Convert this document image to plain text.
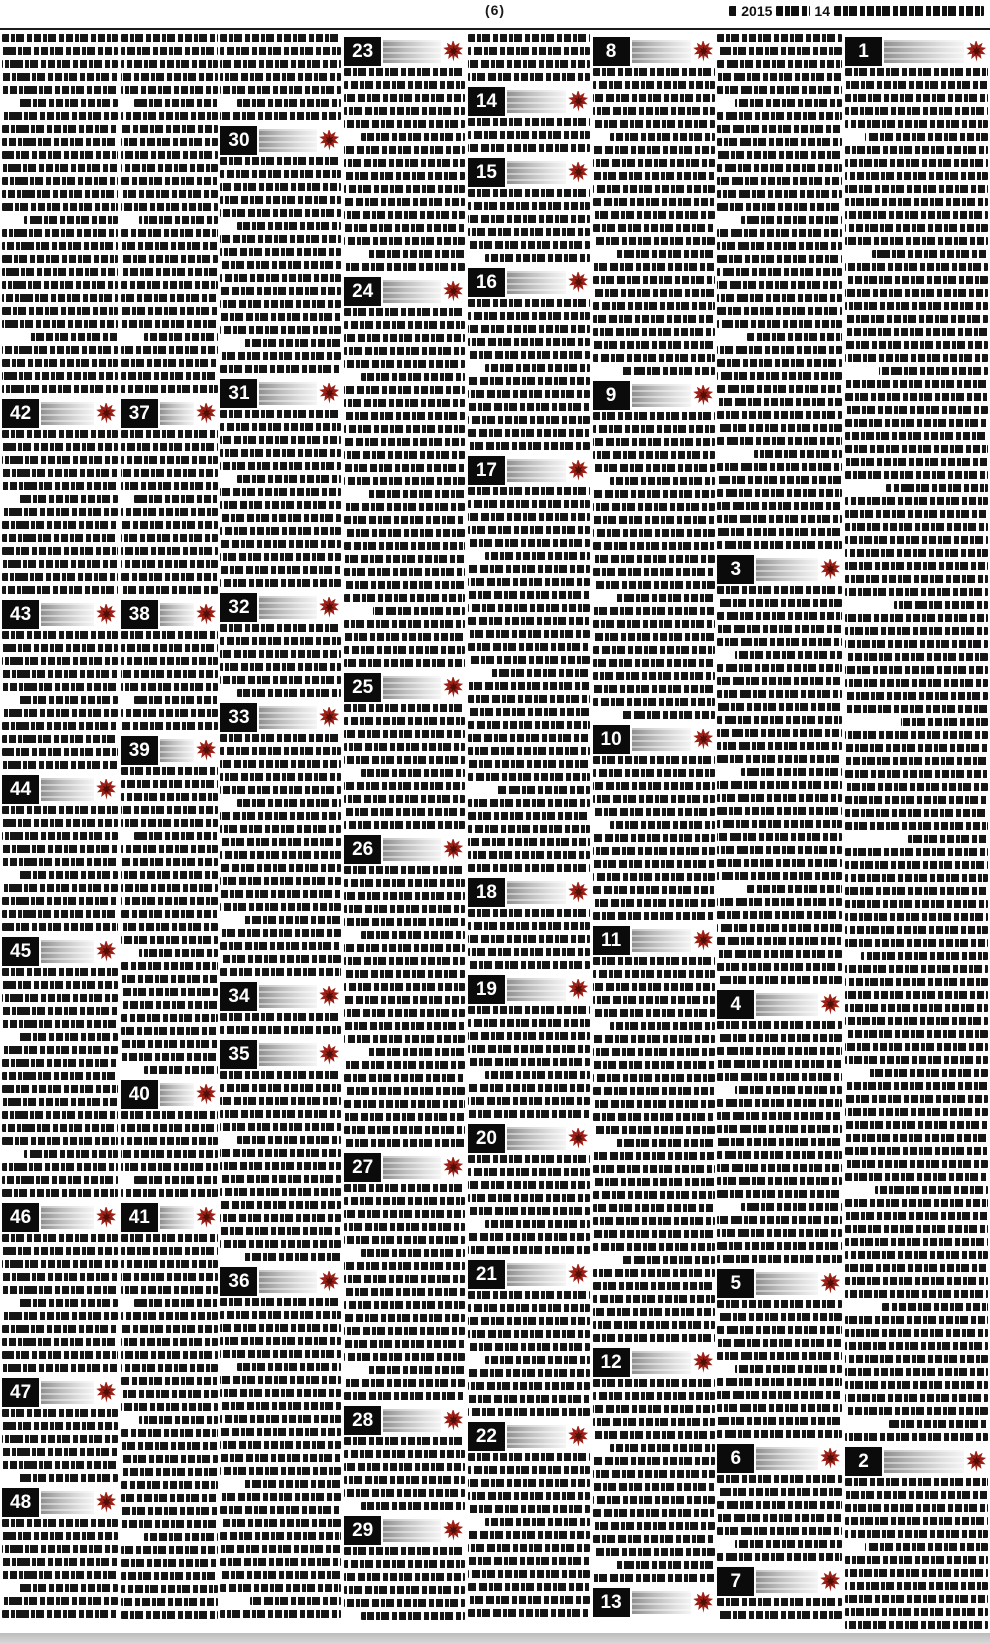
(6)	14
2015
1
2
3
4
5
6
7
8
9
10
11
12
13
14
15
16
17
18
19
20
21
22
23
24
25
26
27
28
29
30
31
32
33
34
35
36
37
38
39
40
41
42
43
44
45
46
47
48
